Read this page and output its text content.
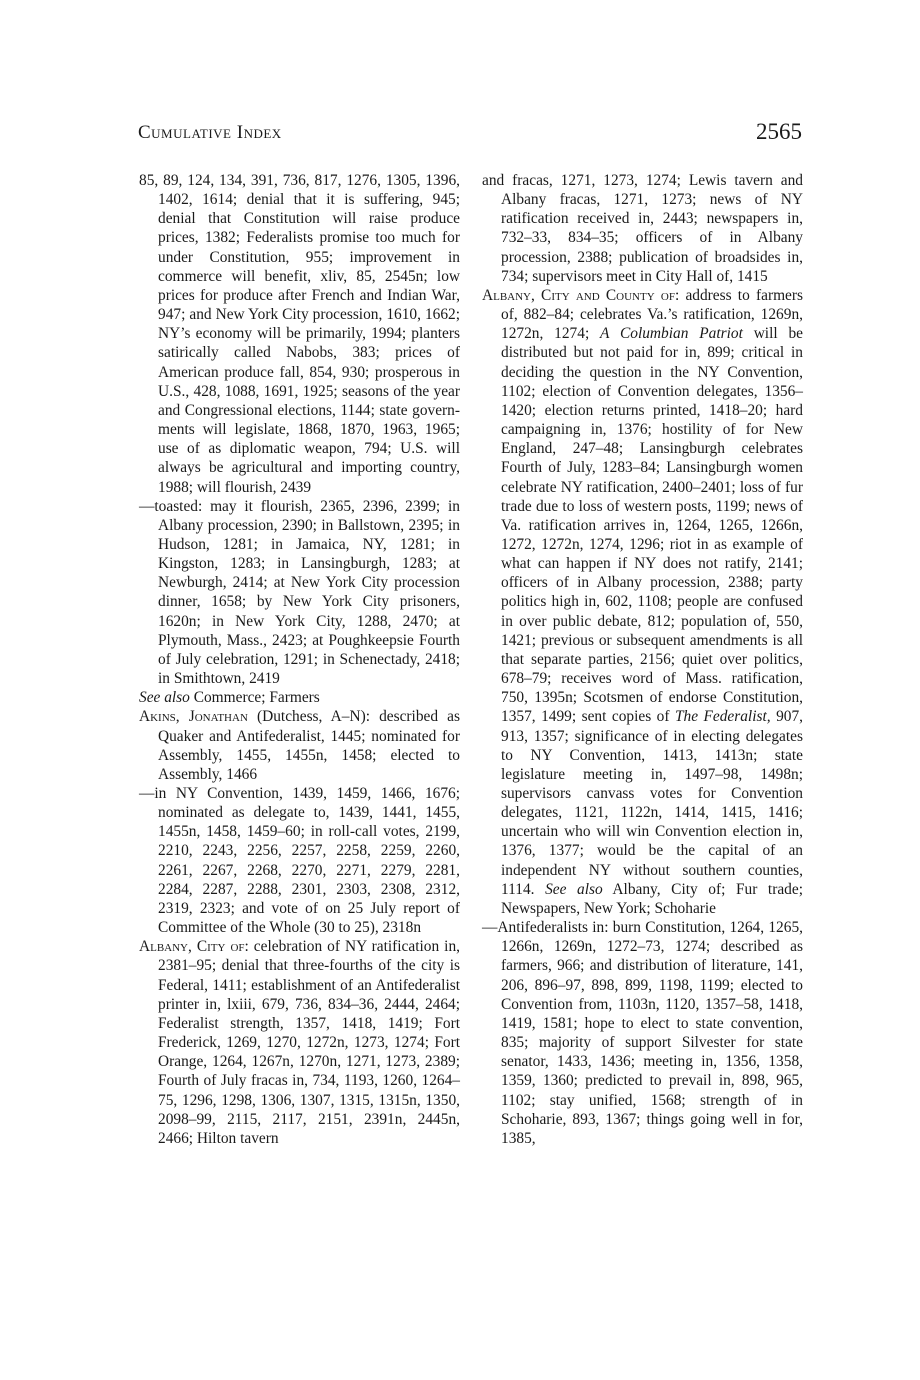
Cumulative Index	2565

85, 89, 124, 134, 391, 736, 817, 1276, 1305, 1396, 1402, 1614; denial that it is suffering, 945; denial that Constitution will raise produce prices, 1382; Federalists promise too much for under Constitution, 955; improvement in commerce will benefit, xliv, 85, 2545n; low prices for produce after French and Indian War, 947; and New York City procession, 1610, 1662; NY’s economy will be primarily, 1994; planters satirically called Nabobs, 383; prices of American produce fall, 854, 930; prosperous in U.S., 428, 1088, 1691, 1925; seasons of the year and Congressional elections, 1144; state governments will legislate, 1868, 1870, 1963, 1965; use of as diplomatic weapon, 794; U.S. will always be agricultural and importing country, 1988; will flourish, 2439

—toasted: may it flourish, 2365, 2396, 2399; in Albany procession, 2390; in Ballstown, 2395; in Hudson, 1281; in Jamaica, NY, 1281; in Kingston, 1283; in Lansingburgh, 1283; at Newburgh, 2414; at New York City procession dinner, 1658; by New York City prisoners, 1620n; in New York City, 1288, 2470; at Plymouth, Mass., 2423; at Poughkeepsie Fourth of July celebration, 1291; in Schenectady, 2418; in Smithtown, 2419

See also Commerce; Farmers

Akins, Jonathan (Dutchess, A–N): described as Quaker and Antifederalist, 1445; nominated for Assembly, 1455, 1455n, 1458; elected to Assembly, 1466

—in NY Convention, 1439, 1459, 1466, 1676; nominated as delegate to, 1439, 1441, 1455, 1455n, 1458, 1459–60; in roll-call votes, 2199, 2210, 2243, 2256, 2257, 2258, 2259, 2260, 2261, 2267, 2268, 2270, 2271, 2279, 2281, 2284, 2287, 2288, 2301, 2303, 2308, 2312, 2319, 2323; and vote of on 25 July report of Committee of the Whole (30 to 25), 2318n

Albany, City of: celebration of NY ratification in, 2381–95; denial that three-fourths of the city is Federal, 1411; establishment of an Antifederalist printer in, lxiii, 679, 736, 834–36, 2444, 2464; Federalist strength, 1357, 1418, 1419; Fort Frederick, 1269, 1270, 1272n, 1273, 1274; Fort Orange, 1264, 1267n, 1270n, 1271, 1273, 2389; Fourth of July fracas in, 734, 1193, 1260, 1264–75, 1296, 1298, 1306, 1307, 1315, 1315n, 1350, 2098–99, 2115, 2117, 2151, 2391n, 2445n, 2466; Hilton tavern

and fracas, 1271, 1273, 1274; Lewis tavern and Albany fracas, 1271, 1273; news of NY ratification received in, 2443; newspapers in, 732–33, 834–35; officers of in Albany procession, 2388; publication of broadsides in, 734; supervisors meet in City Hall of, 1415

Albany, City and County of: address to farmers of, 882–84; celebrates Va.’s ratification, 1269n, 1272n, 1274; A Columbian Patriot will be distributed but not paid for in, 899; critical in deciding the question in the NY Convention, 1102; election of Convention delegates, 1356–1420; election returns printed, 1418–20; hard campaigning in, 1376; hostility of for New England, 247–48; Lansingburgh celebrates Fourth of July, 1283–84; Lansingburgh women celebrate NY ratification, 2400–2401; loss of fur trade due to loss of western posts, 1199; news of Va. ratification arrives in, 1264, 1265, 1266n, 1272, 1272n, 1274, 1296; riot in as example of what can happen if NY does not ratify, 2141; officers of in Albany procession, 2388; party politics high in, 602, 1108; people are confused in over public debate, 812; population of, 550, 1421; previous or subsequent amendments is all that separate parties, 2156; quiet over politics, 678–79; receives word of Mass. ratification, 750, 1395n; Scotsmen of endorse Constitution, 1357, 1499; sent copies of The Federalist, 907, 913, 1357; significance of in electing delegates to NY Convention, 1413, 1413n; state legislature meeting in, 1497–98, 1498n; supervisors canvass votes for Convention delegates, 1121, 1122n, 1414, 1415, 1416; uncertain who will win Convention election in, 1376, 1377; would be the capital of an independent NY without southern counties, 1114. See also Albany, City of; Fur trade; Newspapers, New York; Schoharie

—Antifederalists in: burn Constitution, 1264, 1265, 1266n, 1269n, 1272–73, 1274; described as farmers, 966; and distribution of literature, 141, 206, 896–97, 898, 899, 1198, 1199; elected to Convention from, 1103n, 1120, 1357–58, 1418, 1419, 1581; hope to elect to state convention, 835; majority of support Silvester for state senator, 1433, 1436; meeting in, 1356, 1358, 1359, 1360; predicted to prevail in, 898, 965, 1102; stay unified, 1568; strength of in Schoharie, 893, 1367; things going well in for, 1385,
